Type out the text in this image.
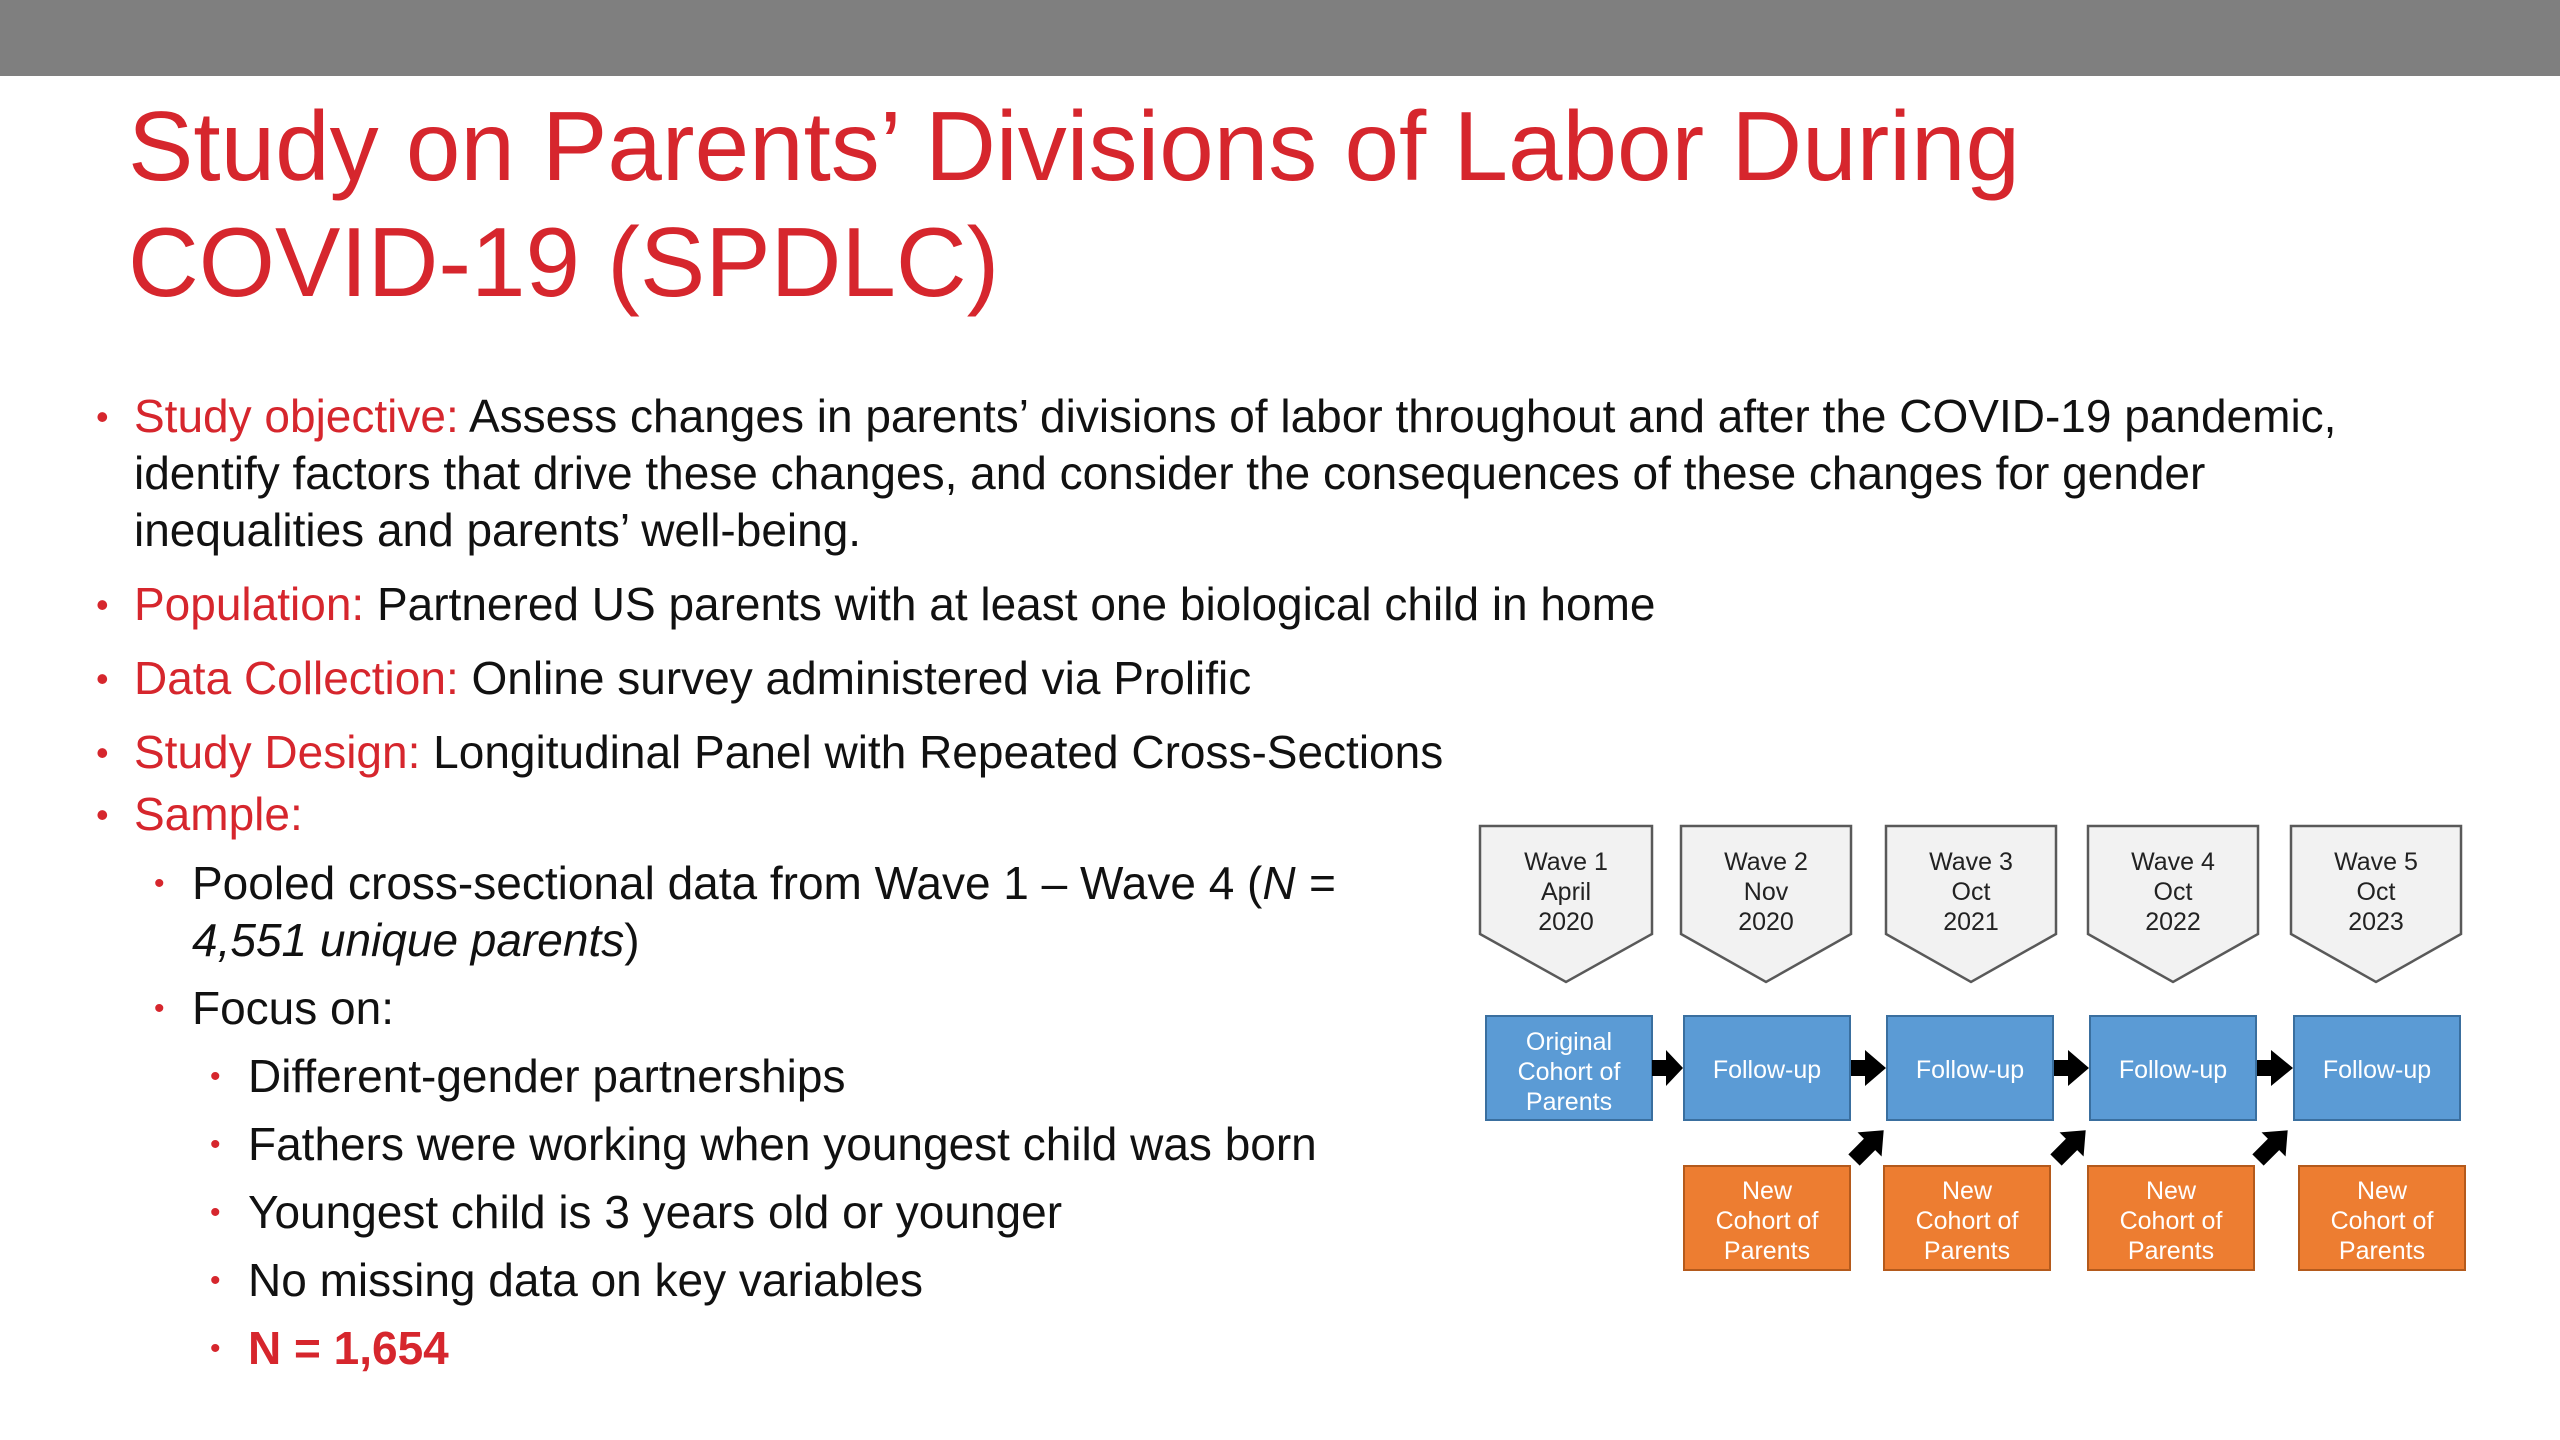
Study on Parents’ Divisions of Labor During
COVID-19 (SPDLC)
• Study objective: Assess changes in parents’ divisions of labor throughout and after the COVID-19 pandemic,
identify factors that drive these changes, and consider the consequences of these changes for gender
inequalities and parents’ well-being.
• Population: Partnered US parents with at least one biological child in home
• Data Collection: Online survey administered via Prolific
• Study Design: Longitudinal Panel with Repeated Cross-Sections
• Sample:
• Pooled cross-sectional data from Wave 1 – Wave 4 (N =
4,551 unique parents)
• Focus on:
• Different-gender partnerships
• Fathers were working when youngest child was born
• Youngest child is 3 years old or younger
• No missing data on key variables
• N = 1,654
Wave 1
April
2020
Wave 2
Nov
2020
Wave 3
Oct
2021
Wave 4
Oct
2022
Wave 5
Oct
2023
Original
Cohort of
Parents
Follow-up	Follow-up	Follow-up	Follow-up
New
Cohort of
Parents
New
Cohort of
Parents
New
Cohort of
Parents
New
Cohort of
Parents
